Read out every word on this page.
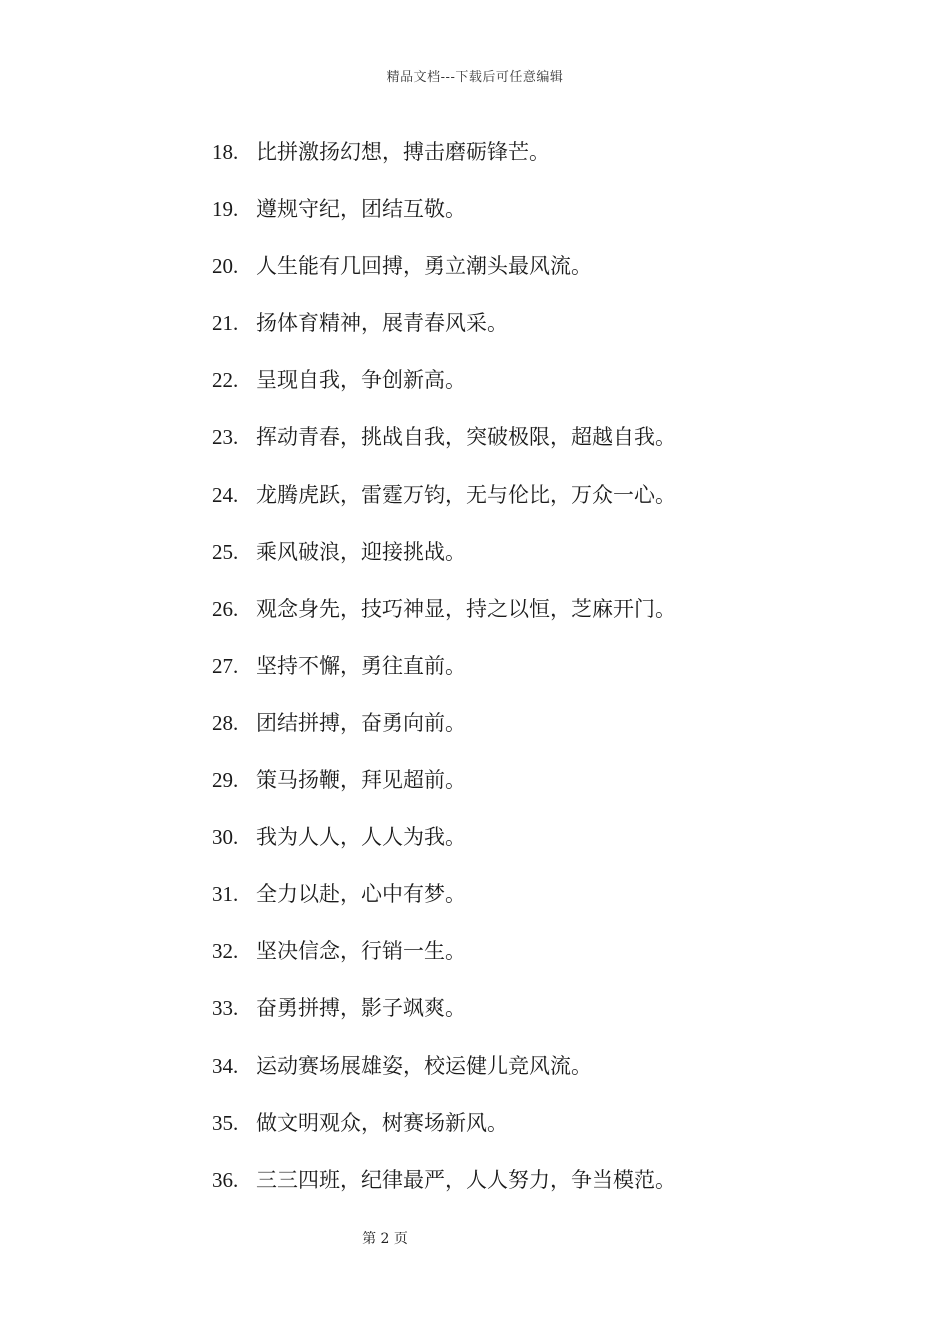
精品文档---下载后可任意编辑
18. 比拼激扬幻想，搏击磨砺锋芒。
19. 遵规守纪，团结互敬。
20. 人生能有几回搏，勇立潮头最风流。
21. 扬体育精神，展青春风采。
22. 呈现自我，争创新高。
23. 挥动青春，挑战自我，突破极限，超越自我。
24. 龙腾虎跃，雷霆万钧，无与伦比，万众一心。
25. 乘风破浪，迎接挑战。
26. 观念身先，技巧神显，持之以恒，芝麻开门。
27. 坚持不懈，勇往直前。
28. 团结拼搏，奋勇向前。
29. 策马扬鞭，拜见超前。
30. 我为人人，人人为我。
31. 全力以赴，心中有梦。
32. 坚决信念，行销一生。
33. 奋勇拼搏，影子飒爽。
34. 运动赛场展雄姿，校运健儿竞风流。
35. 做文明观众，树赛场新风。
36. 三三四班，纪律最严，人人努力，争当模范。
第 2 页
